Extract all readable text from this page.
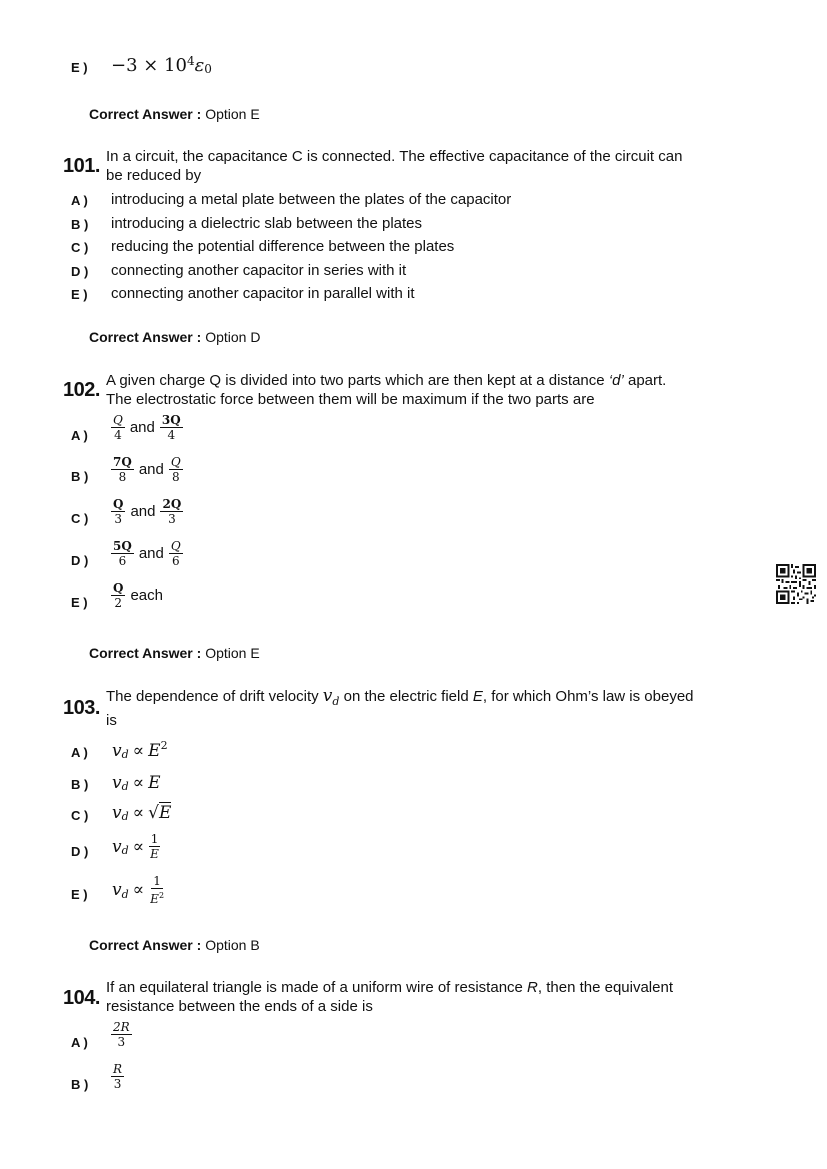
E ) $-3 \times 10^4$ $\varepsilon_0$
Correct Answer : Option E
101. In a circuit, the capacitance C is connected. The effective capacitance of the circuit can
be reduced by
A ) introducing a metal plate between the plates of the capacitor
B ) introducing a dielectric slab between the plates
C ) reducing the potential difference between the plates
D ) connecting another capacitor in series with it
E ) connecting another capacitor in parallel with it
Correct Answer : Option D
102. A given charge Q is divided into two parts which are then kept at a distance ‘d’ apart.
The electrostatic force between them will be maximum if the two parts are
A ) $\frac{Q}{4}$ and $\frac{3Q}{4}$
B ) $\frac{7Q}{8}$ and $\frac{Q}{8}$
C ) $\frac{Q}{3}$ and $\frac{2Q}{3}$
D ) $\frac{5Q}{6}$ and $\frac{Q}{6}$
E ) $\frac{Q}{2}$ each
Correct Answer : Option E
103.
The dependence of drift velocity $v_d$ on the electric field E, for which Ohm’s law is obeyed
is
A ) $v_d \propto E^2$
B ) $v_d \propto E$
C ) $v_d$ ∝ √ E
D ) $v_d \propto \frac{1}{E}$
E ) $v_d \propto \frac{1}{E^2}$
Correct Answer : Option B
104. If an equilateral triangle is made of a uniform wire of resistance R, then the equivalent
resistance between the ends of a side is
A ) $\frac{2R}{3}$
B ) $\frac{R}{3}$
